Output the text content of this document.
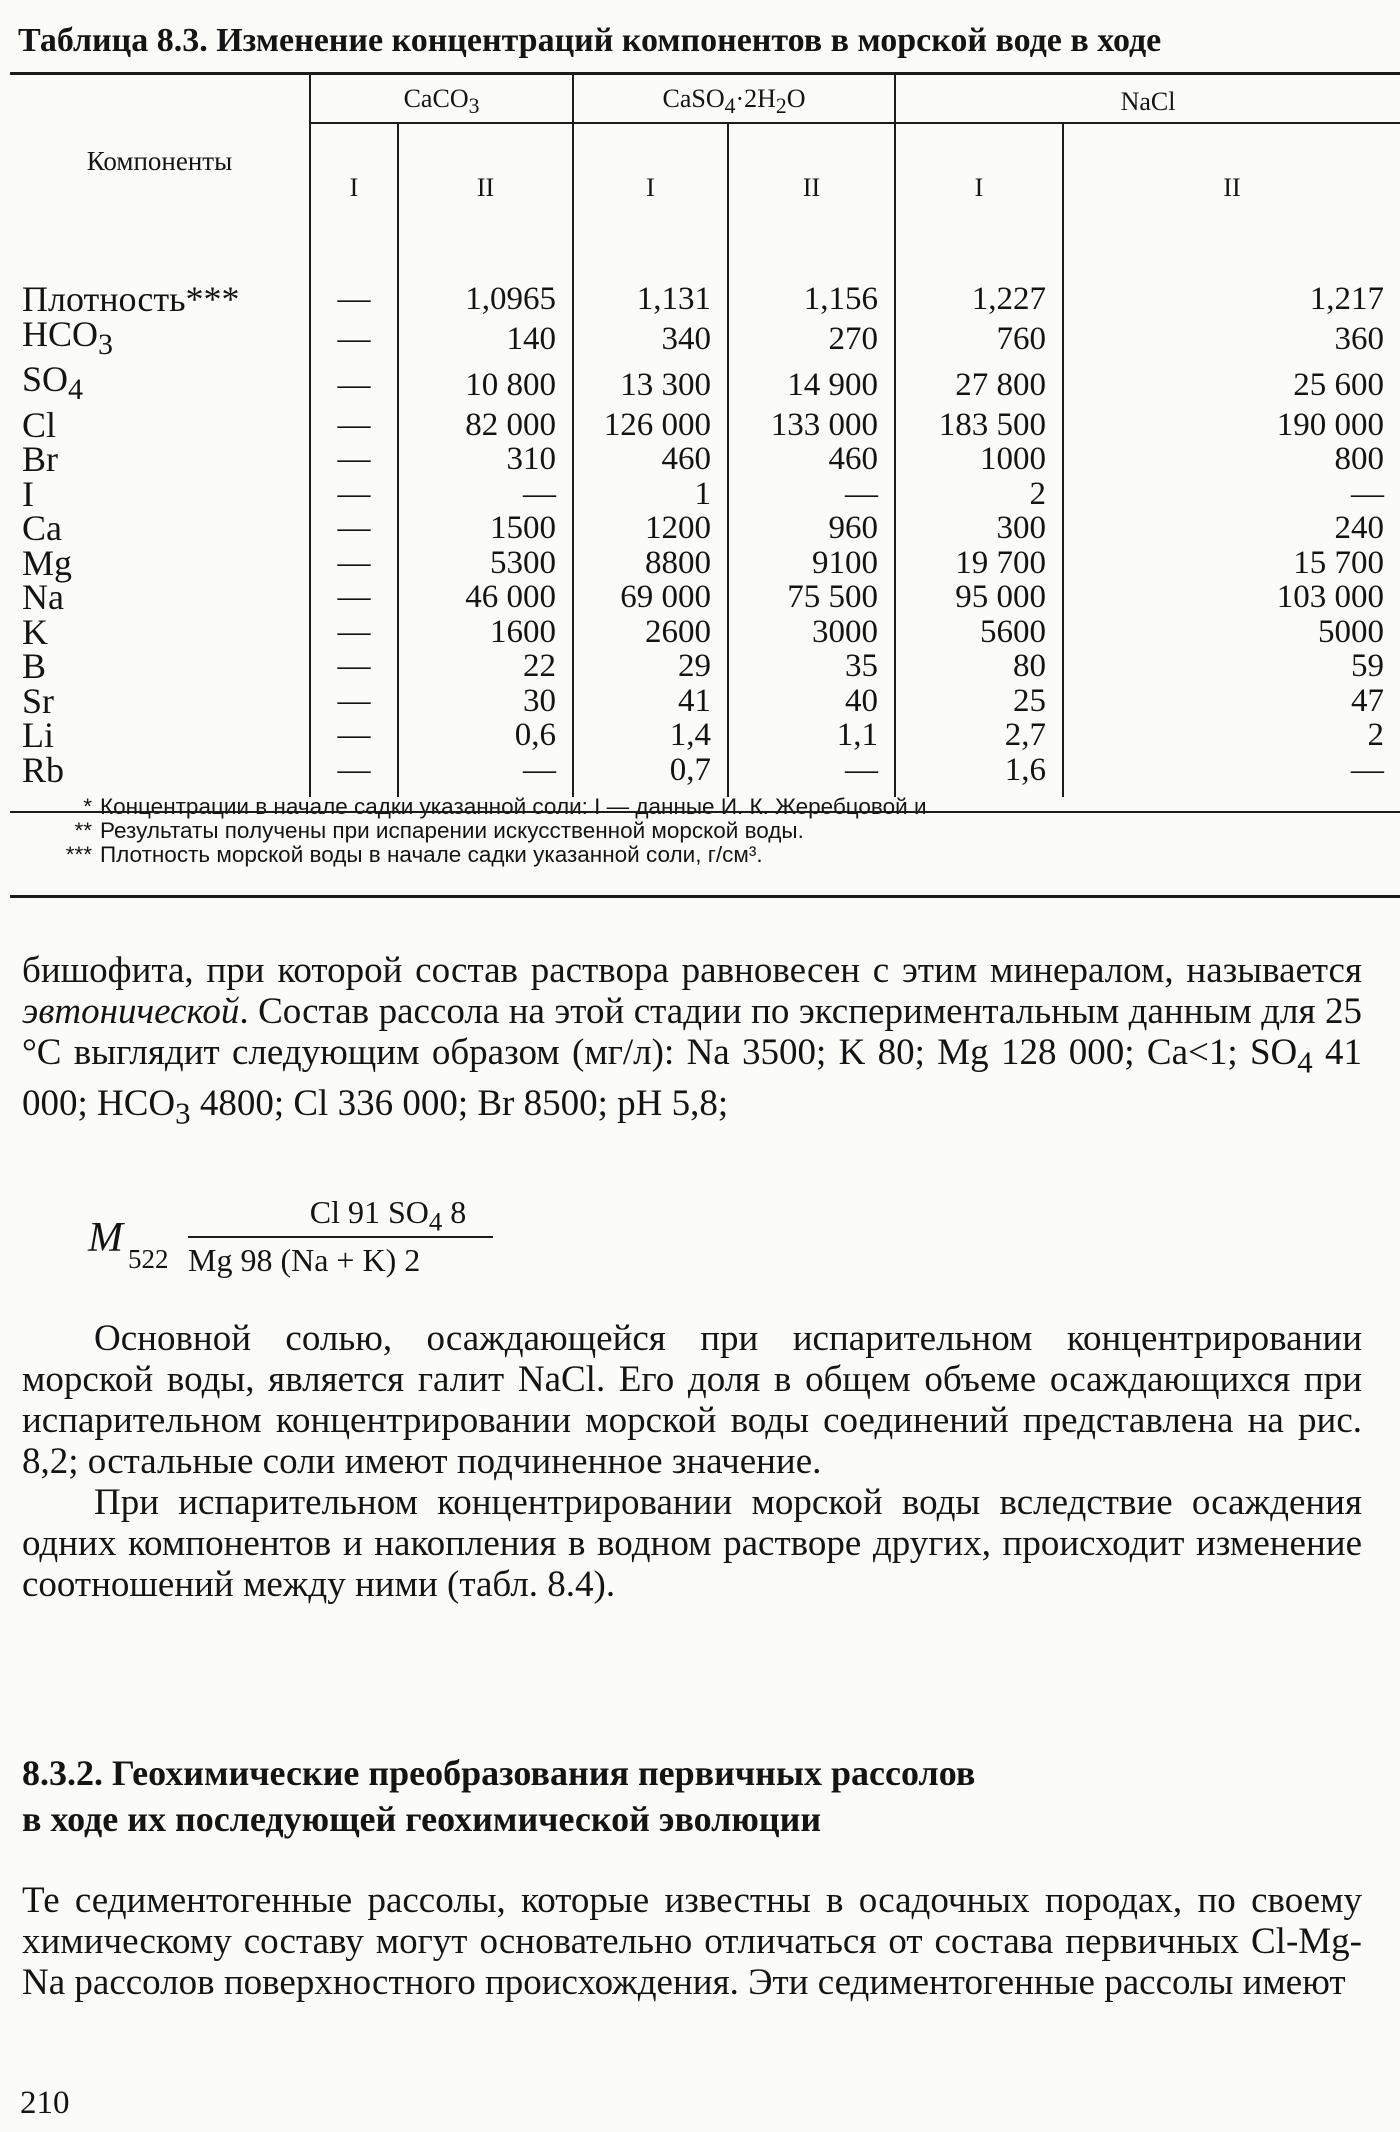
Таблица 8.3. Изменение концентраций компонентов в морской воде в ходе
Компоненты	CaCO$_3$		$CaSO_4\cdot 2H_2O$		NaCl	
	I	II	I	II	I	II
Плотность***	—	1,0965	1,131	1,156	1,227	1,217
$HCO_3$	—	140	340	270	760	360
$SO_4$	—	10 800	13 300	14 900	27 800	25 600
Cl	—	82 000	126 000	133 000	183 500	190 000
Br	—	310	460	460	1000	800
I	—	—	1	—	2	—
Ca	—	1500	1200	960	300	240
Mg	—	5300	8800	9100	19 700	15 700
Na	—	46 000	69 000	75 500	95 000	103 000
K	—	1600	2600	3000	5600	5000
B	—	22	29	35	80	59
Sr	—	30	41	40	25	47
Li	—	0,6	1,4	1,1	2,7	2
Rb	—	—	0,7	—	1,6	—
* Концентрации в начале садки указанной соли: I — данные И. К. Жеребцовой и
** Результаты получены при испарении искусственной морской воды.
*** Плотность морской воды в начале садки указанной соли, г/см³.

бишофита, при которой состав раствора равновесен с этим минералом, называется эвтонической. Состав рассола на этой стадии по экспериментальным данным для 25 °С выглядит следующим образом (мг/л): Na 3500; K 80; Mg 128 000; Ca<1; $SO_4$ 41 000; $HCO_3$ 4800; Cl 336 000; Br 8500; pH 5,8;

M 522
Cl 91 $SO_4$ 8
Mg 98 (Na + K) 2

Основной солью, осаждающейся при испарительном концентрировании морской воды, является галит NaCl. Его доля в общем объеме осаждающихся при испарительном концентрировании морской воды соединений представлена на рис. 8,2; остальные соли имеют подчиненное значение.

При испарительном концентрировании морской воды вследствие осаждения одних компонентов и накопления в водном растворе других, происходит изменение соотношений между ними (табл. 8.4).

8.3.2. Геохимические преобразования первичных рассолов
в ходе их последующей геохимической эволюции

Те седиментогенные рассолы, которые известны в осадочных породах, по своему химическому составу могут основательно отличаться от состава первичных Cl-Mg-Na рассолов поверхностного происхождения. Эти седиментогенные рассолы имеют

210
